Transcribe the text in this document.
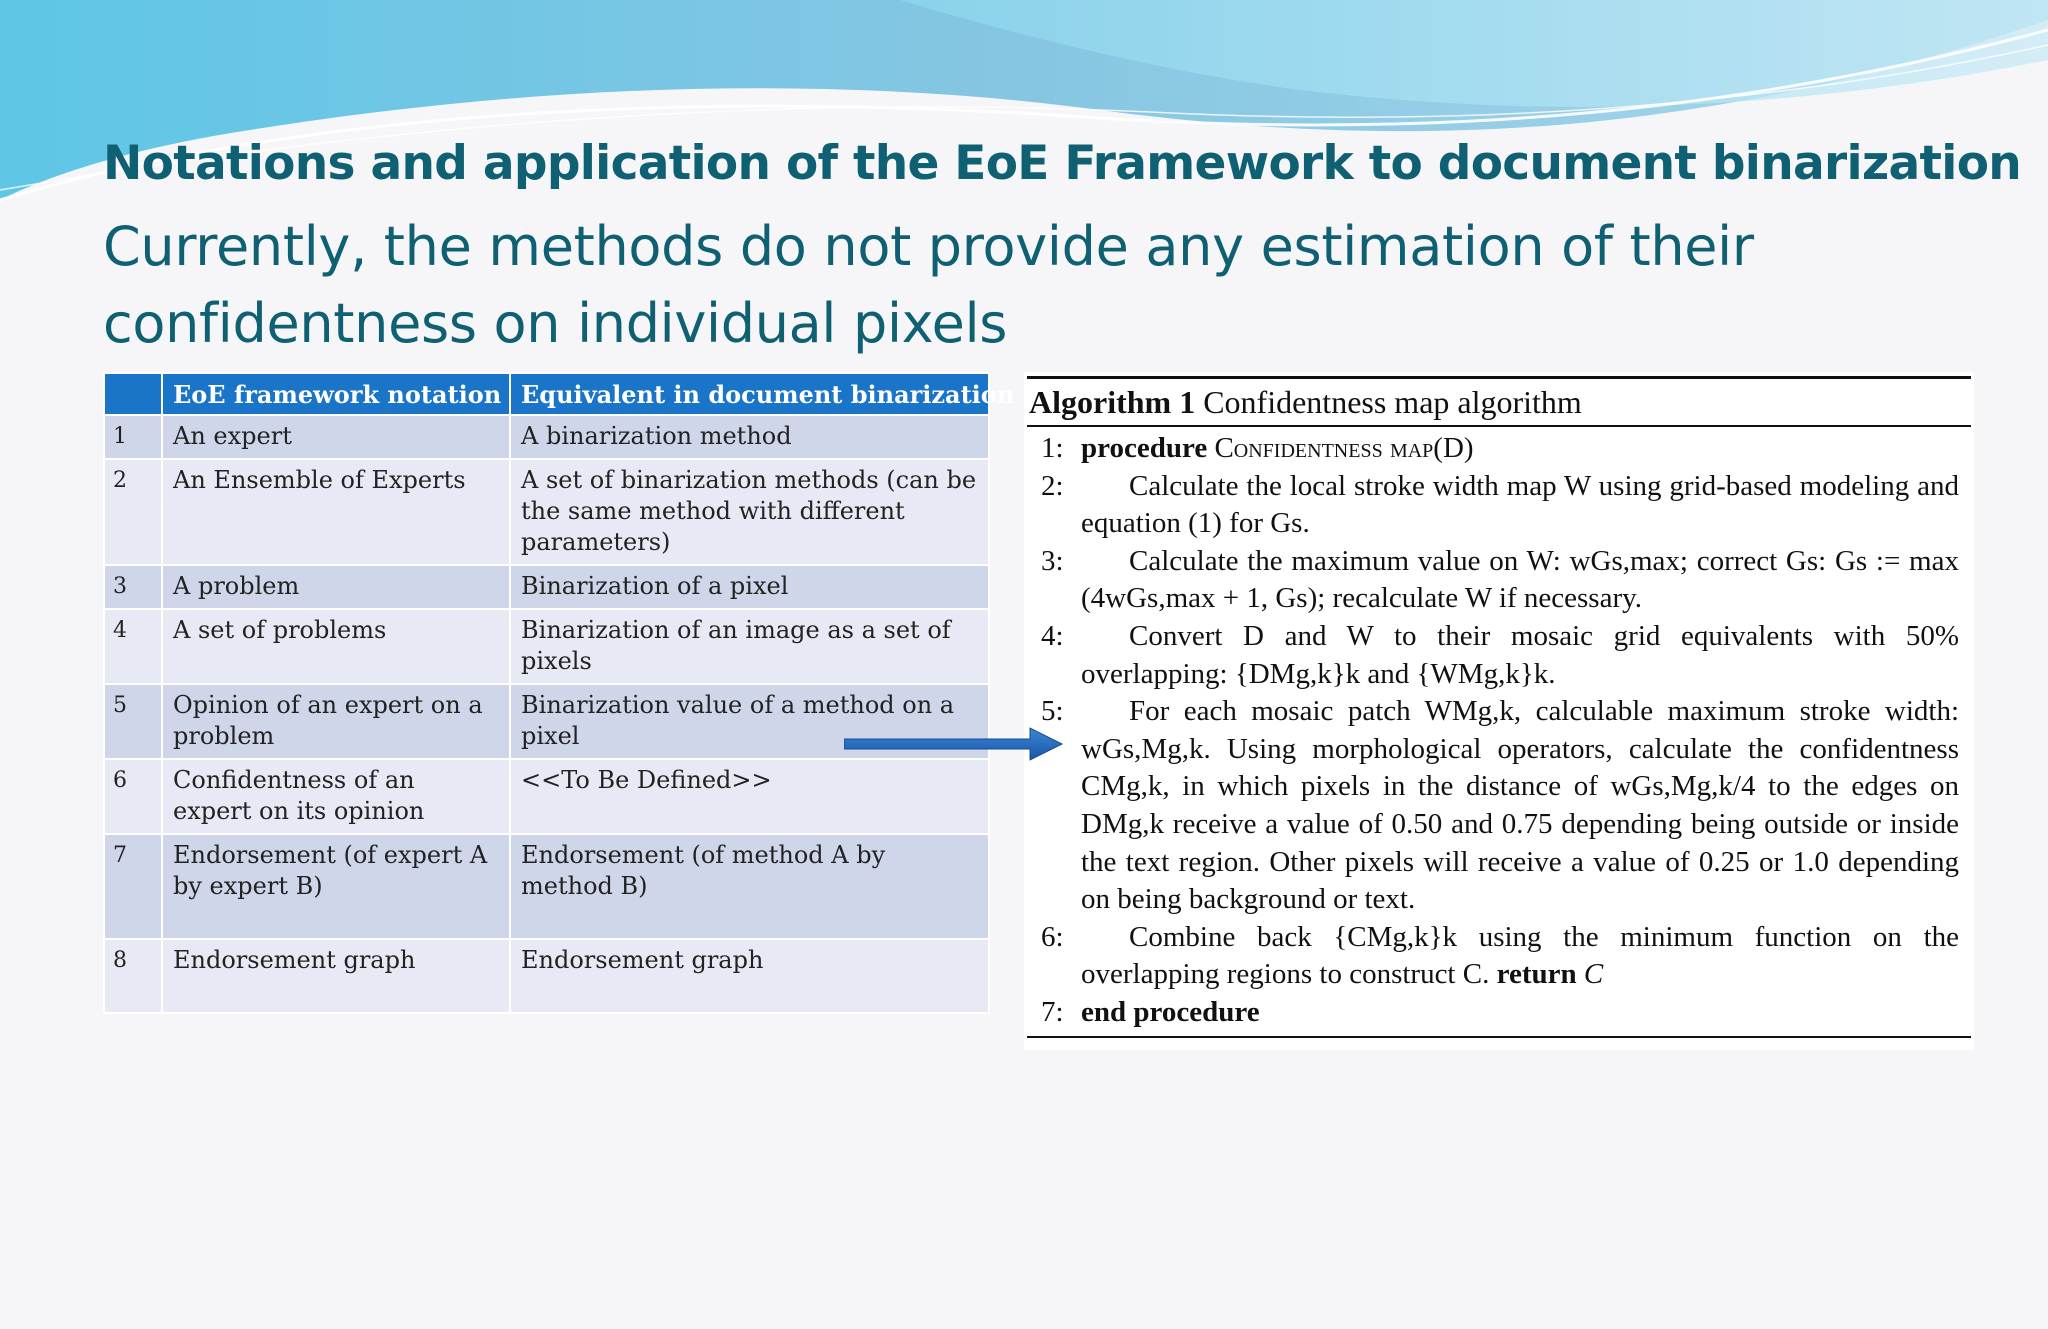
Notations and application of the EoE Framework to document binarization
Currently, the methods do not provide any estimation of their confidentness on individual pixels
	EoE framework notation	Equivalent in document binarization
1	An expert	A binarization method
2	An Ensemble of Experts	A set of binarization methods (can be the same method with different parameters)
3	A problem	Binarization of a pixel
4	A set of problems	Binarization of an image as a set of pixels
5	Opinion of an expert on a problem	Binarization value of a method on a pixel
6	Confidentness of an expert on its opinion	<<To Be Defined>>
7	Endorsement (of expert A by expert B)	Endorsement (of method A by method B)
8	Endorsement graph	Endorsement graph
Algorithm 1 Confidentness map algorithm
1: procedure Confidentness map(D)
2: Calculate the local stroke width map W using grid-based modeling and equation (1) for Gs.
3: Calculate the maximum value on W: wGs,max; correct Gs: Gs := max (4wGs,max + 1, Gs); recalculate W if necessary.
4: Convert D and W to their mosaic grid equivalents with 50% overlapping: {DMg,k}k and {WMg,k}k.
5: For each mosaic patch WMg,k, calculable maximum stroke width: wGs,Mg,k. Using morphological operators, calculate the confidentness CMg,k, in which pixels in the distance of wGs,Mg,k/4 to the edges on DMg,k receive a value of 0.50 and 0.75 depending being outside or inside the text region. Other pixels will receive a value of 0.25 or 1.0 depending on being background or text.
6: Combine back {CMg,k}k using the minimum function on the overlapping regions to construct C. return C
7: end procedure
